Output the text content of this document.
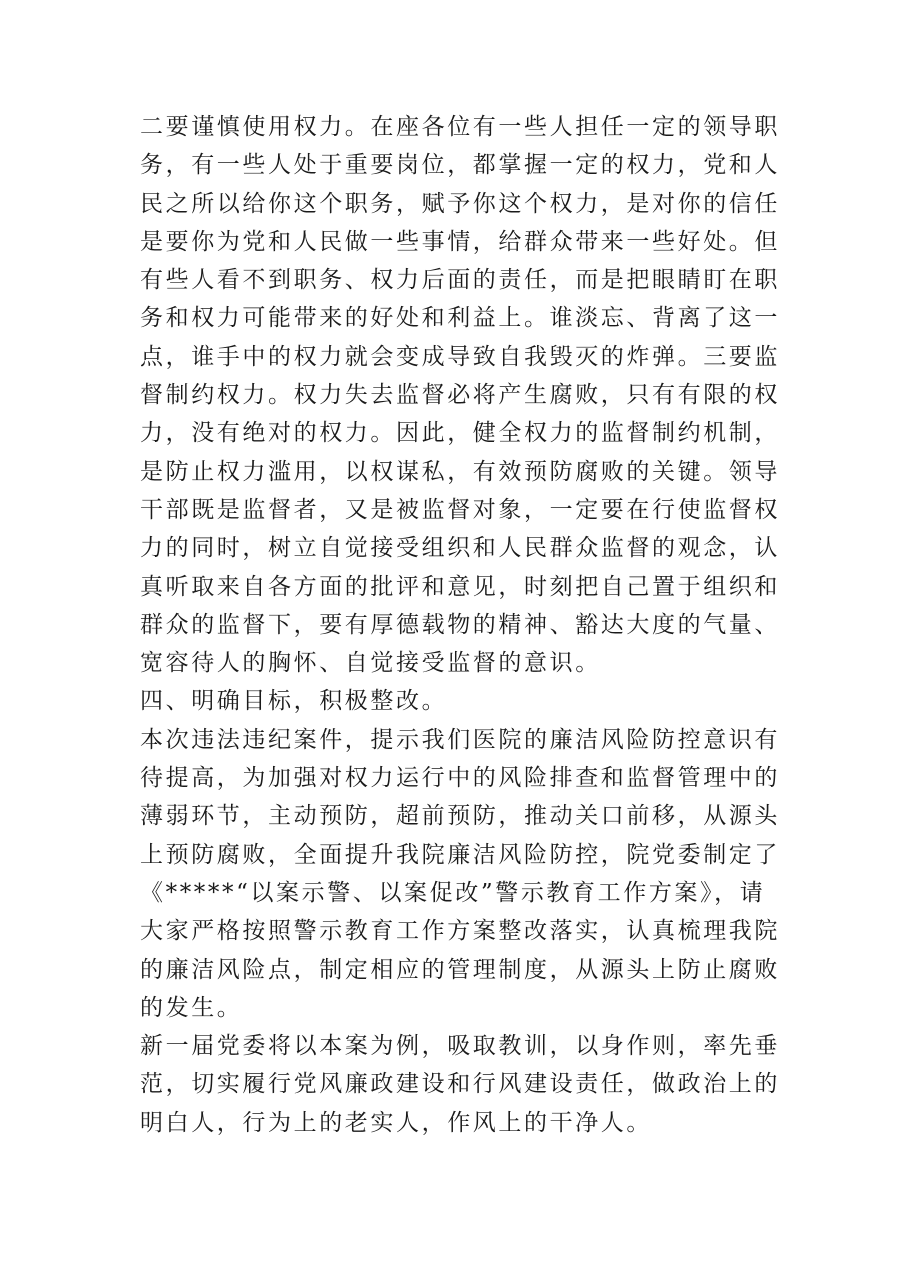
二要谨慎使用权力。在座各位有一些人担任一定的领导职
务，有一些人处于重要岗位，都掌握一定的权力，党和人
民之所以给你这个职务，赋予你这个权力，是对你的信任
是要你为党和人民做一些事情，给群众带来一些好处。但
有些人看不到职务、权力后面的责任，而是把眼睛盯在职
务和权力可能带来的好处和利益上。谁淡忘、背离了这一
点，谁手中的权力就会变成导致自我毁灭的炸弹。三要监
督制约权力。权力失去监督必将产生腐败，只有有限的权
力，没有绝对的权力。因此，健全权力的监督制约机制，
是防止权力滥用，以权谋私，有效预防腐败的关键。领导
干部既是监督者，又是被监督对象，一定要在行使监督权
力的同时，树立自觉接受组织和人民群众监督的观念，认
真听取来自各方面的批评和意见，时刻把自己置于组织和
群众的监督下，要有厚德载物的精神、豁达大度的气量、
宽容待人的胸怀、自觉接受监督的意识。
四、明确目标，积极整改。
本次违法违纪案件，提示我们医院的廉洁风险防控意识有
待提高，为加强对权力运行中的风险排查和监督管理中的
薄弱环节，主动预防，超前预防，推动关口前移，从源头
上预防腐败，全面提升我院廉洁风险防控，院党委制定了
《*****“以案示警、以案促改”警示教育工作方案》，请
大家严格按照警示教育工作方案整改落实，认真梳理我院
的廉洁风险点，制定相应的管理制度，从源头上防止腐败
的发生。
新一届党委将以本案为例，吸取教训，以身作则，率先垂
范，切实履行党风廉政建设和行风建设责任，做政治上的
明白人，行为上的老实人，作风上的干净人。
